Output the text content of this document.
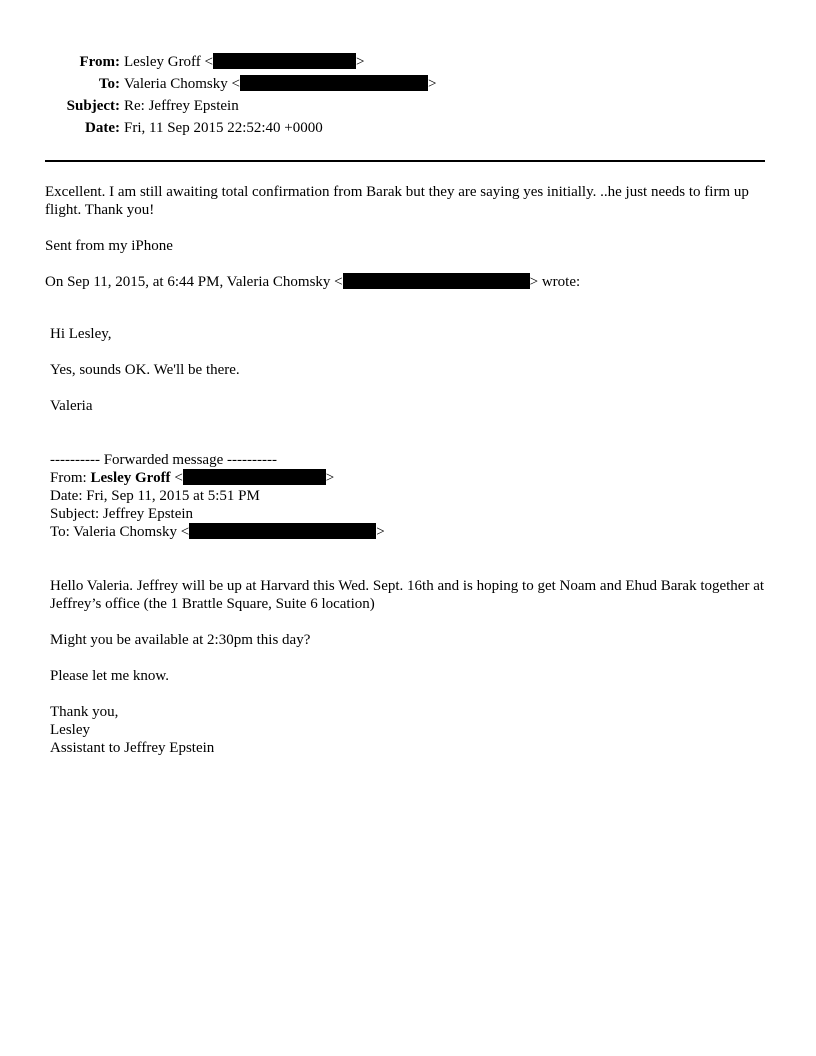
From: Lesley Groff <	>
To: Valeria Chomsky <	>
Subject: Re: Jeffrey Epstein
Date: Fri, 11 Sep 2015 22:52:40 +0000

Excellent. I am still awaiting total confirmation from Barak but they are saying yes initially. ..he just needs to firm up flight. Thank you!

Sent from my iPhone

On Sep 11, 2015, at 6:44 PM, Valeria Chomsky <	> wrote:

Hi Lesley,

Yes, sounds OK. We'll be there.

Valeria

---------- Forwarded message ----------

From: Lesley Groff <	>

Date: Fri, Sep 11, 2015 at 5:51 PM

Subject: Jeffrey Epstein

To: Valeria Chomsky <	>

Hello Valeria. Jeffrey will be up at Harvard this Wed. Sept. 16th and is hoping to get Noam and Ehud Barak together at Jeffrey’s office (the 1 Brattle Square, Suite 6 location)

Might you be available at 2:30pm this day?

Please let me know.

Thank you,

Lesley

Assistant to Jeffrey Epstein
